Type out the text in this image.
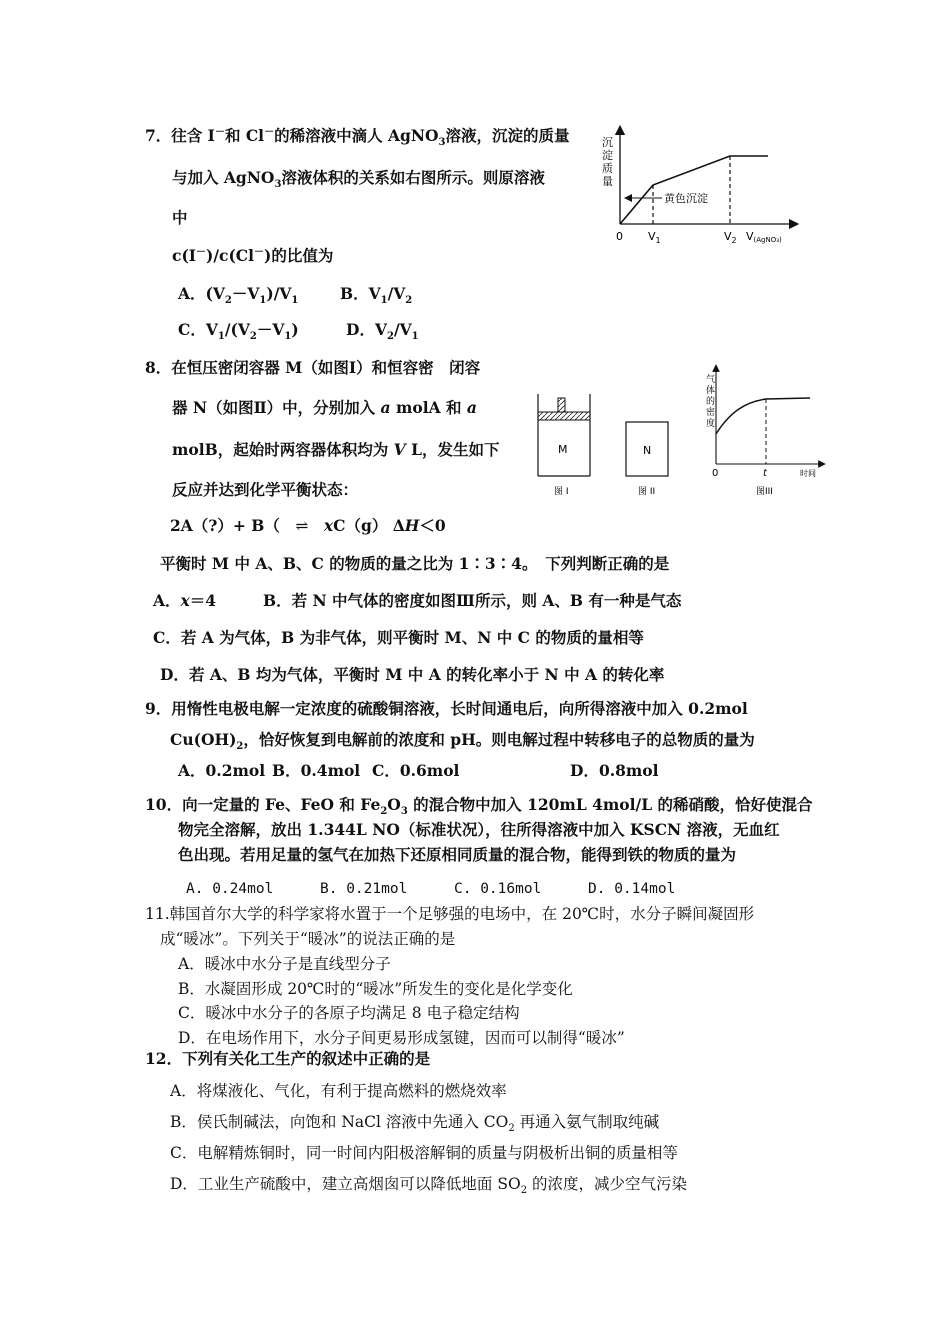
7．往含 I－和 Cl－的稀溶液中滴人 AgNO$_3$溶液，沉淀的质量
与加入 AgNO$_3$溶液体积的关系如右图所示。则原溶液
中
c(I－)/c(Cl－)的比值为
A．$(V_2-V_1)/V_1$	B．$V_1/V_2$
C．$V_1/(V_2-V_1)$	D．$V_2/V_1$
黄色沉淀
沉
淀
质
量
0 $V_1$	$V_2$ V(AgNO₃)
8．在恒压密闭容器 M（如图Ⅰ）和恒容密　闭容
器 N（如图Ⅱ）中，分别加入 a molA 和 a
molB，起始时两容器体积均为 V L，发生如下
反应并达到化学平衡状态：
2A（?）+ B（ ⇌ xC（g） ΔH＜0
平衡时 M 中 A、B、C 的物质的量之比为 1∶3∶4。　下列判断正确的是
A．x＝4	B．若 N 中气体的密度如图Ⅲ所示，则 A、B 有一种是气态
C．若 A 为气体，B 为非气体，则平衡时 M、N 中 C 的物质的量相等
D．若 A、B 均为气体，平衡时 M 中 A 的转化率小于 N 中 A 的转化率
M	N
气
体
的
密
度
0	t	时间
图 I	图 II	图III
9．用惰性电极电解一定浓度的硫酸铜溶液，长时间通电后，向所得溶液中加入 0.2mol
$Cu(OH)_2$，恰好恢复到电解前的浓度和 pH。则电解过程中转移电子的总物质的量为
A．0.2mol B．0.4mol C．0.6mol	D．0.8mol
10．向一定量的 Fe、FeO 和 $Fe_2O_3$ 的混合物中加入 120mL 4mol/L 的稀硝酸，恰好使混合
物完全溶解，放出 1.344L NO（标准状况），往所得溶液中加入 KSCN 溶液，无血红
色出现。若用足量的氢气在加热下还原相同质量的混合物，能得到铁的物质的量为
A. 0.24mol	B. 0.21mol	C. 0.16mol	D. 0.14mol
11.韩国首尔大学的科学家将水置于一个足够强的电场中，在 20℃时，水分子瞬间凝固形
成“暖冰”。下列关于“暖冰”的说法正确的是
A．暖冰中水分子是直线型分子
B．水凝固形成 20℃时的“暖冰”所发生的变化是化学变化
C．暖冰中水分子的各原子均满足 8 电子稳定结构
D．在电场作用下，水分子间更易形成氢键，因而可以制得“暖冰”
12．下列有关化工生产的叙述中正确的是
A．将煤液化、气化，有利于提高燃料的燃烧效率
B．侯氏制碱法，向饱和 NaCl 溶液中先通入 $CO_2$ 再通入氨气制取纯碱
C．电解精炼铜时，同一时间内阳极溶解铜的质量与阴极析出铜的质量相等
D．工业生产硫酸中，建立高烟囱可以降低地面 $SO_2$ 的浓度，减少空气污染
